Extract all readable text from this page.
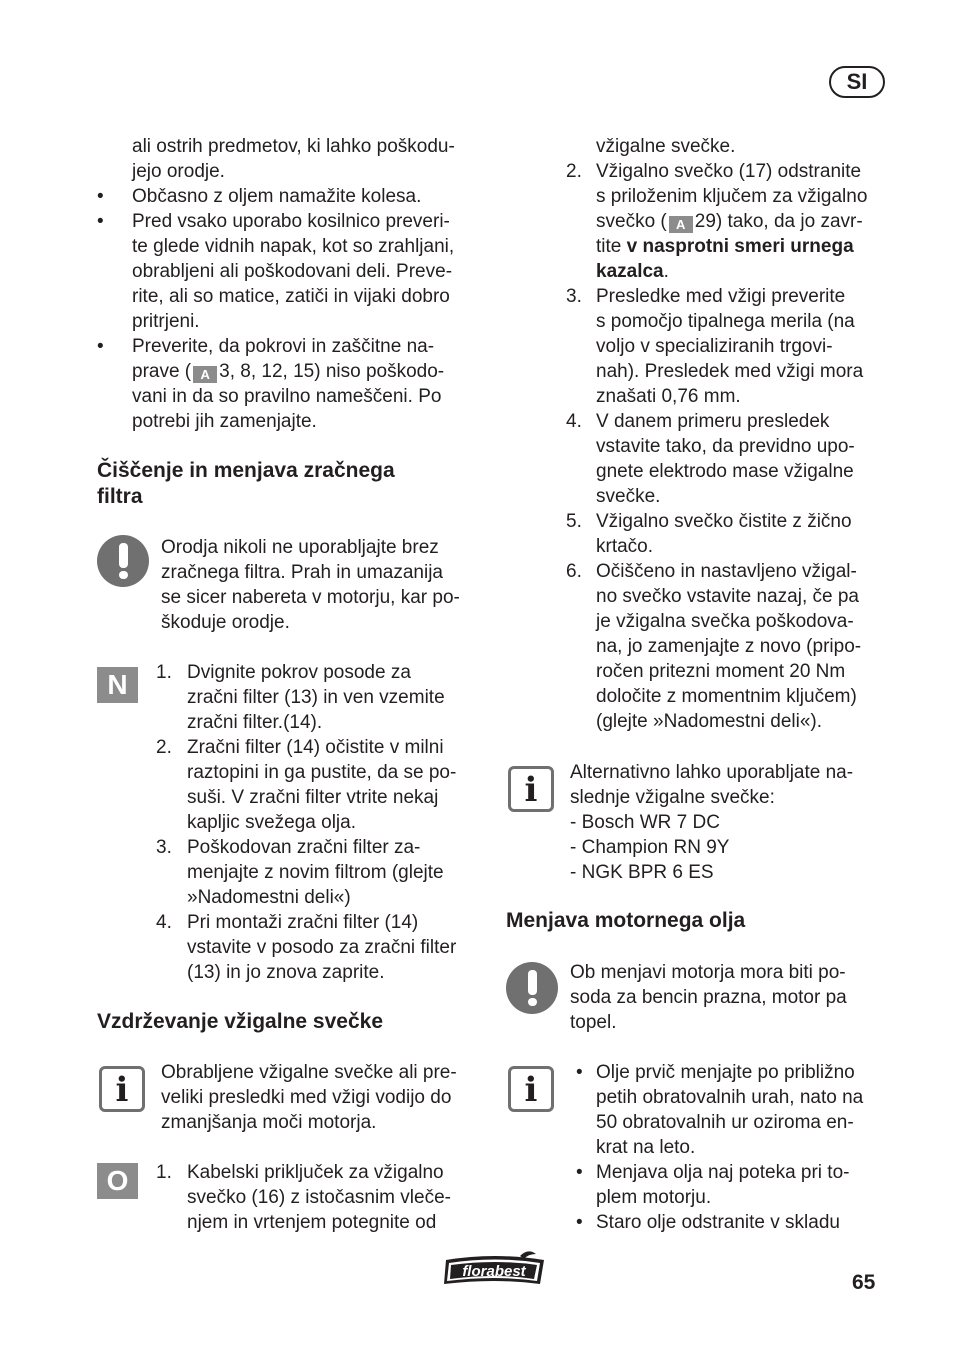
SI
ali ostrih predmetov, ki lahko poškodu-
jejo orodje.
• Občasno z oljem namažite kolesa.
• Pred vsako uporabo kosilnico preveri-
te glede vidnih napak, kot so zrahljani,
obrabljeni ali poškodovani deli. Preve-
rite, ali so matice, zatiči in vijaki dobro
pritrjeni.
• Preverite, da pokrovi in zaščitne na-
prave ( A 3, 8, 12, 15) niso poškodo-
vani in da so pravilno nameščeni. Po
potrebi jih zamenjajte.
Čiščenje in menjava zračnega
filtra
Orodja nikoli ne uporabljajte brez
zračnega filtra. Prah in umazanija
se sicer nabereta v motorju, kar po-
škoduje orodje.
N	1. Dvignite pokrov posode za
zračni filter (13) in ven vzemite
zračni filter.(14).
2. Zračni filter (14) očistite v milni
raztopini in ga pustite, da se po-
suši. V zračni filter vtrite nekaj
kapljic svežega olja.
3. Poškodovan zračni filter za-
menjajte z novim filtrom (glejte
»Nadomestni deli«)
4. Pri montaži zračni filter (14)
vstavite v posodo za zračni filter
(13) in jo znova zaprite.
Vzdrževanje vžigalne svečke
i	Obrabljene vžigalne svečke ali pre-
veliki presledki med vžigi vodijo do
zmanjšanja moči motorja.
O	1. Kabelski priključek za vžigalno
svečko (16) z istočasnim vleče-
njem in vrtenjem potegnite od
vžigalne svečke.
2. Vžigalno svečko (17) odstranite
s priloženim ključem za vžigalno
svečko ( A 29) tako, da jo zavr-
tite v nasprotni smeri urnega
kazalca.
3. Presledke med vžigi preverite
s pomočjo tipalnega merila (na
voljo v specializiranih trgovi-
nah). Presledek med vžigi mora
znašati 0,76 mm.
4. V danem primeru presledek
vstavite tako, da previdno upo-
gnete elektrodo mase vžigalne
svečke.
5. Vžigalno svečko čistite z žično
krtačo.
6. Očiščeno in nastavljeno vžigal-
no svečko vstavite nazaj, če pa
je vžigalna svečka poškodova-
na, jo zamenjajte z novo (pripo-
ročen pritezni moment 20 Nm
določite z momentnim ključem)
(glejte »Nadomestni deli«).
i	Alternativno lahko uporabljate na-
slednje vžigalne svečke:
- Bosch WR 7 DC
- Champion RN 9Y
- NGK BPR 6 ES
Menjava motornega olja
Ob menjavi motorja mora biti po-
soda za bencin prazna, motor pa
topel.
i	• Olje prvič menjajte po približno
petih obratovalnih urah, nato na
50 obratovalnih ur oziroma en-
krat na leto.
• Menjava olja naj poteka pri to-
plem motorju.
• Staro olje odstranite v skladu
florabest	65
